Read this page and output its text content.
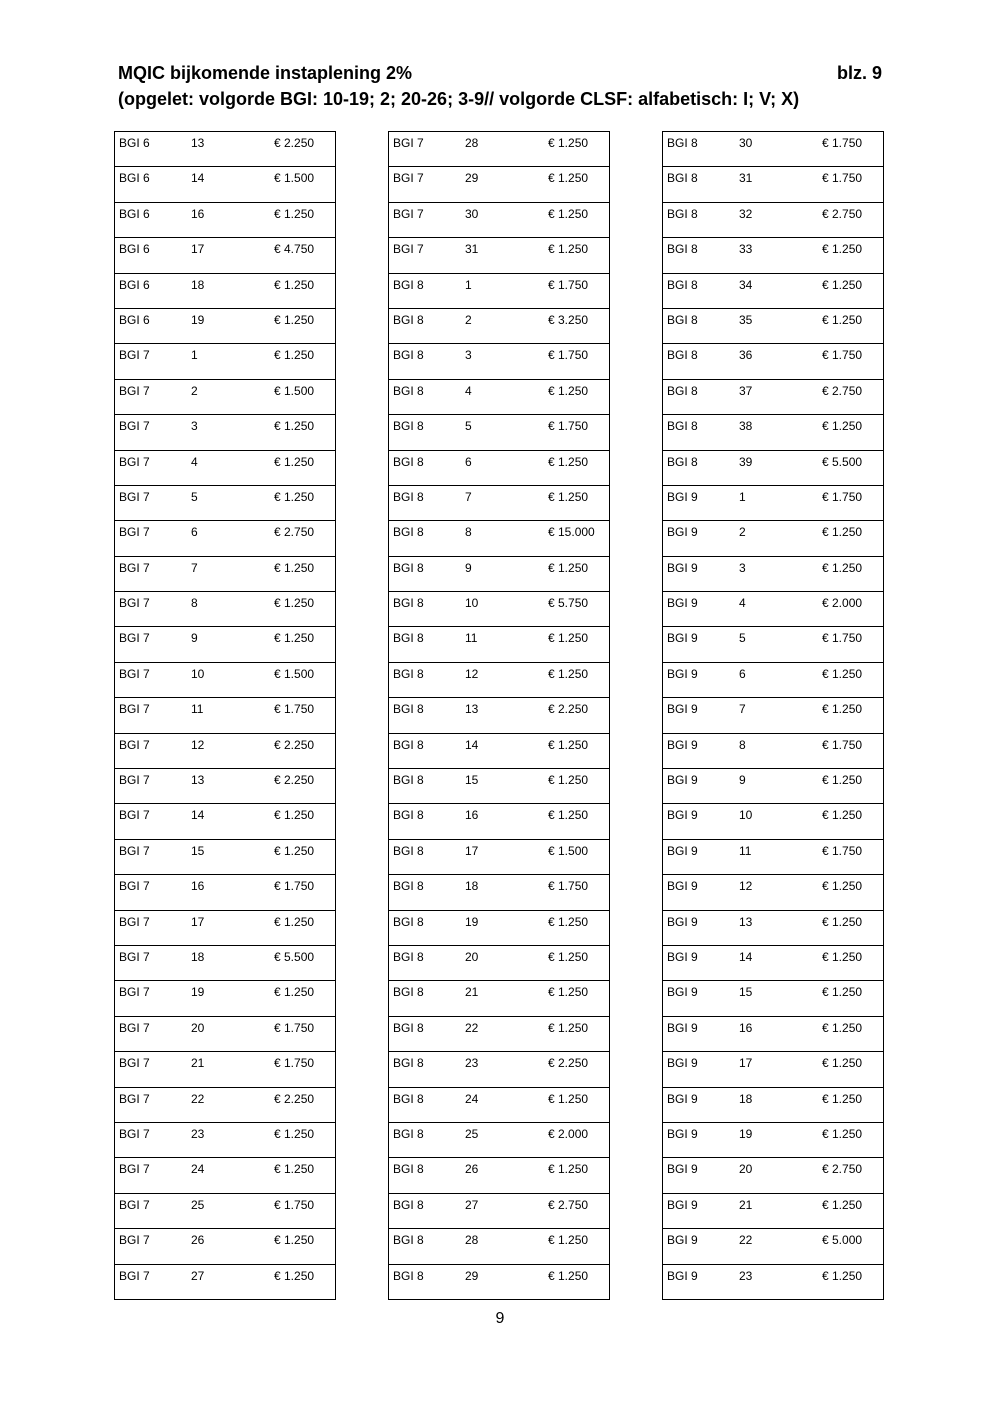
MQIC bijkomende instaplening 2%	blz. 9
(opgelet: volgorde BGI: 10-19; 2; 20-26; 3-9// volgorde CLSF: alfabetisch: I; V; X)
BGI 6	13	€ 2.250
BGI 6	14	€ 1.500
BGI 6	16	€ 1.250
BGI 6	17	€ 4.750
BGI 6	18	€ 1.250
BGI 6	19	€ 1.250
BGI 7	1	€ 1.250
BGI 7	2	€ 1.500
BGI 7	3	€ 1.250
BGI 7	4	€ 1.250
BGI 7	5	€ 1.250
BGI 7	6	€ 2.750
BGI 7	7	€ 1.250
BGI 7	8	€ 1.250
BGI 7	9	€ 1.250
BGI 7	10	€ 1.500
BGI 7	11	€ 1.750
BGI 7	12	€ 2.250
BGI 7	13	€ 2.250
BGI 7	14	€ 1.250
BGI 7	15	€ 1.250
BGI 7	16	€ 1.750
BGI 7	17	€ 1.250
BGI 7	18	€ 5.500
BGI 7	19	€ 1.250
BGI 7	20	€ 1.750
BGI 7	21	€ 1.750
BGI 7	22	€ 2.250
BGI 7	23	€ 1.250
BGI 7	24	€ 1.250
BGI 7	25	€ 1.750
BGI 7	26	€ 1.250
BGI 7	27	€ 1.250
BGI 7	28	€ 1.250
BGI 7	29	€ 1.250
BGI 7	30	€ 1.250
BGI 7	31	€ 1.250
BGI 8	1	€ 1.750
BGI 8	2	€ 3.250
BGI 8	3	€ 1.750
BGI 8	4	€ 1.250
BGI 8	5	€ 1.750
BGI 8	6	€ 1.250
BGI 8	7	€ 1.250
BGI 8	8	€ 15.000
BGI 8	9	€ 1.250
BGI 8	10	€ 5.750
BGI 8	11	€ 1.250
BGI 8	12	€ 1.250
BGI 8	13	€ 2.250
BGI 8	14	€ 1.250
BGI 8	15	€ 1.250
BGI 8	16	€ 1.250
BGI 8	17	€ 1.500
BGI 8	18	€ 1.750
BGI 8	19	€ 1.250
BGI 8	20	€ 1.250
BGI 8	21	€ 1.250
BGI 8	22	€ 1.250
BGI 8	23	€ 2.250
BGI 8	24	€ 1.250
BGI 8	25	€ 2.000
BGI 8	26	€ 1.250
BGI 8	27	€ 2.750
BGI 8	28	€ 1.250
BGI 8	29	€ 1.250
BGI 8	30	€ 1.750
BGI 8	31	€ 1.750
BGI 8	32	€ 2.750
BGI 8	33	€ 1.250
BGI 8	34	€ 1.250
BGI 8	35	€ 1.250
BGI 8	36	€ 1.750
BGI 8	37	€ 2.750
BGI 8	38	€ 1.250
BGI 8	39	€ 5.500
BGI 9	1	€ 1.750
BGI 9	2	€ 1.250
BGI 9	3	€ 1.250
BGI 9	4	€ 2.000
BGI 9	5	€ 1.750
BGI 9	6	€ 1.250
BGI 9	7	€ 1.250
BGI 9	8	€ 1.750
BGI 9	9	€ 1.250
BGI 9	10	€ 1.250
BGI 9	11	€ 1.750
BGI 9	12	€ 1.250
BGI 9	13	€ 1.250
BGI 9	14	€ 1.250
BGI 9	15	€ 1.250
BGI 9	16	€ 1.250
BGI 9	17	€ 1.250
BGI 9	18	€ 1.250
BGI 9	19	€ 1.250
BGI 9	20	€ 2.750
BGI 9	21	€ 1.250
BGI 9	22	€ 5.000
BGI 9	23	€ 1.250
9
